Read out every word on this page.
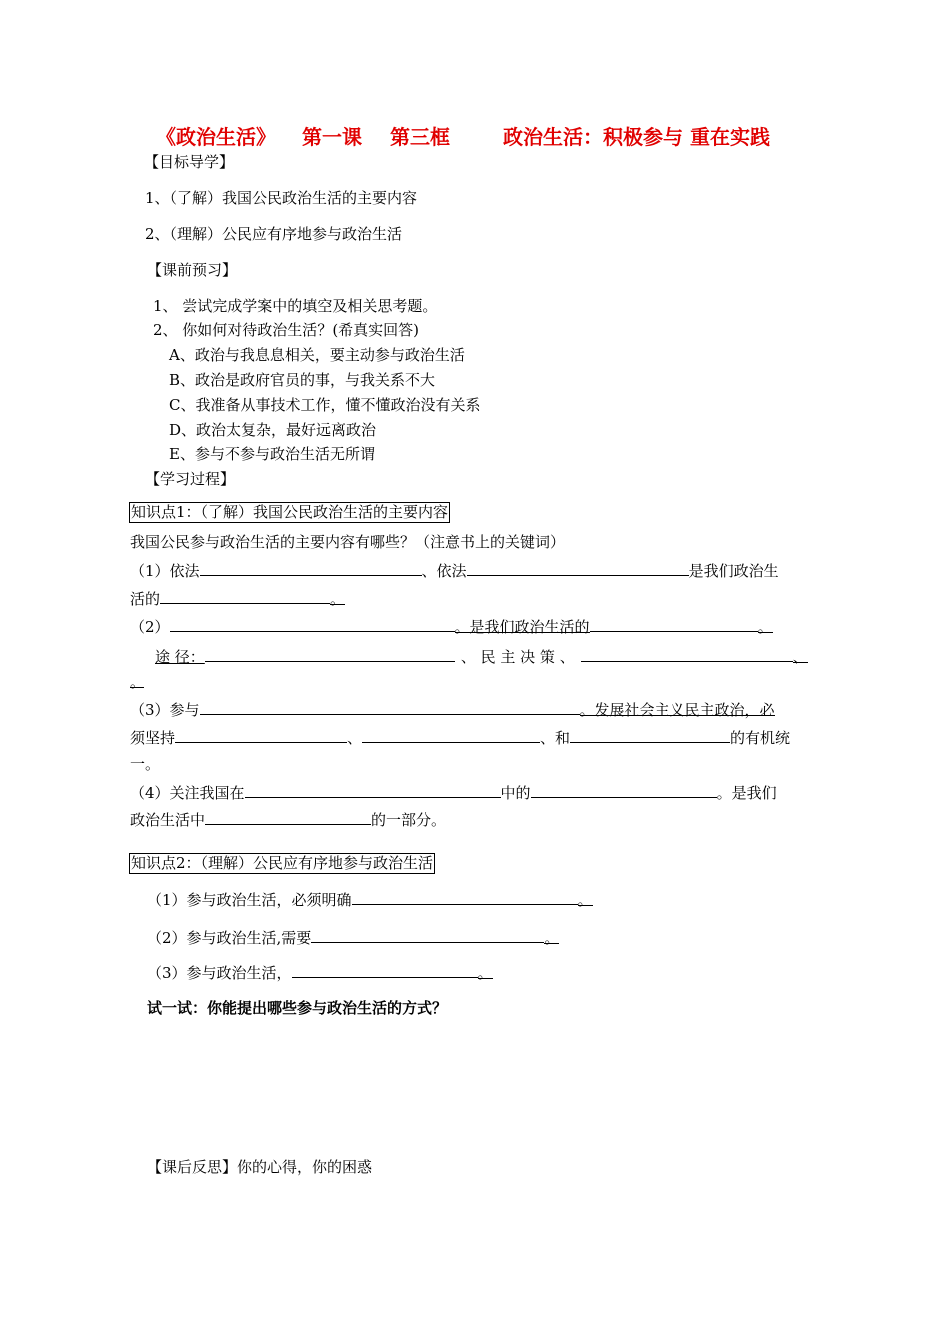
《政治生活》 第一课 第三框	政治生活：积极参与 重在实践
【目标导学】
1、（了解）我国公民政治生活的主要内容
2、（理解）公民应有序地参与政治生活
【课前预习】
1、 尝试完成学案中的填空及相关思考题。
2、 你如何对待政治生活？(希真实回答)
A、政治与我息息相关，要主动参与政治生活
B、政治是政府官员的事，与我关系不大
C、我准备从事技术工作，懂不懂政治没有关系
D、政治太复杂，最好远离政治
E、参与不参与政治生活无所谓
【学习过程】
知识点1：（了解）我国公民政治生活的主要内容
我国公民参与政治生活的主要内容有哪些？（注意书上的关键词）
（1）依法	、依法	是我们政治生
活的	。
（2）	。是我们政治生活的	。
途 径：	、 民 主 决 策 、	、
。
（3）参与	。发展社会主义民主政治，必
须坚持	、	、和	的有机统
一。
（4）关注我国在	中的	。是我们
政治生活中	的一部分。
知识点2：（理解）公民应有序地参与政治生活
（1）参与政治生活，必须明确	。
（2）参与政治生活,需要	。
（3）参与政治生活，	。
试一试：你能提出哪些参与政治生活的方式？
【课后反思】你的心得，你的困惑
